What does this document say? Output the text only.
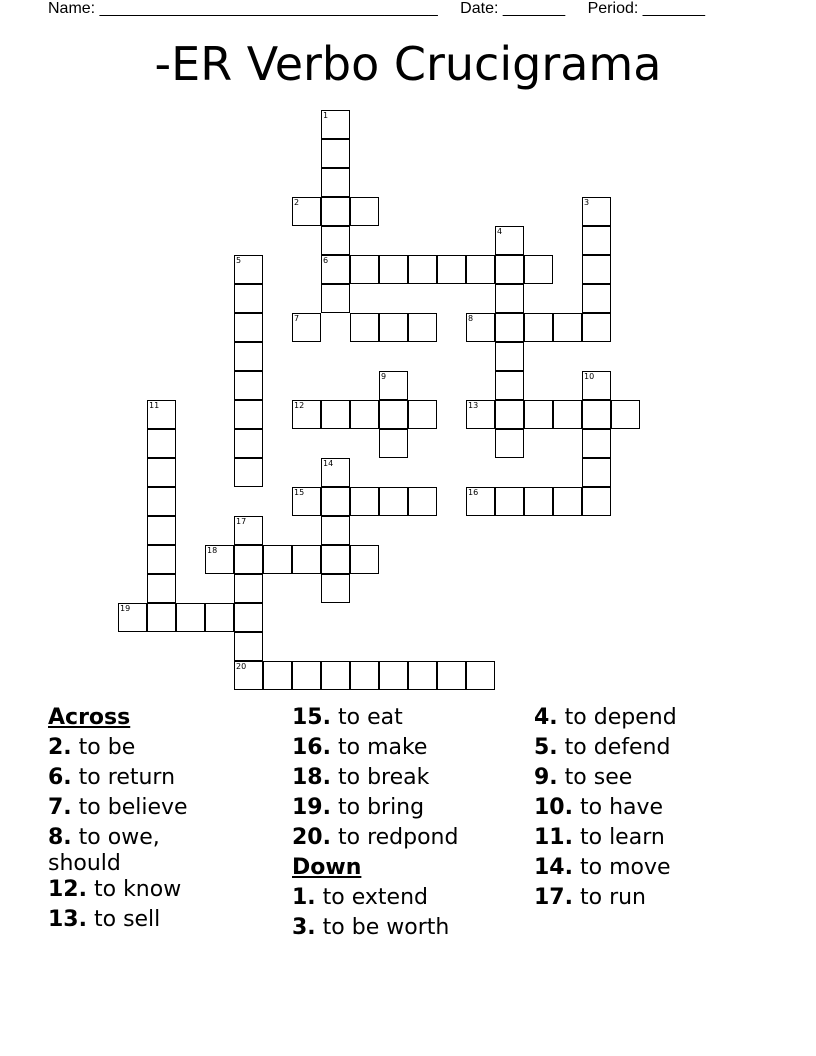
Name: ______________________________________ Date: _______ Period: _______
-ER Verbo Crucigrama
1
6
2	3
4
5
7	8
9	10
11	12	13
14
15	16
17
20
18
19
Across
2. to be
6. to return
7. to believe
8. to owe,
should
12. to know
13. to sell
15. to eat
16. to make
18. to break
19. to bring
20. to redpond
Down
1. to extend
3. to be worth
4. to depend
5. to defend
9. to see
10. to have
11. to learn
14. to move
17. to run
